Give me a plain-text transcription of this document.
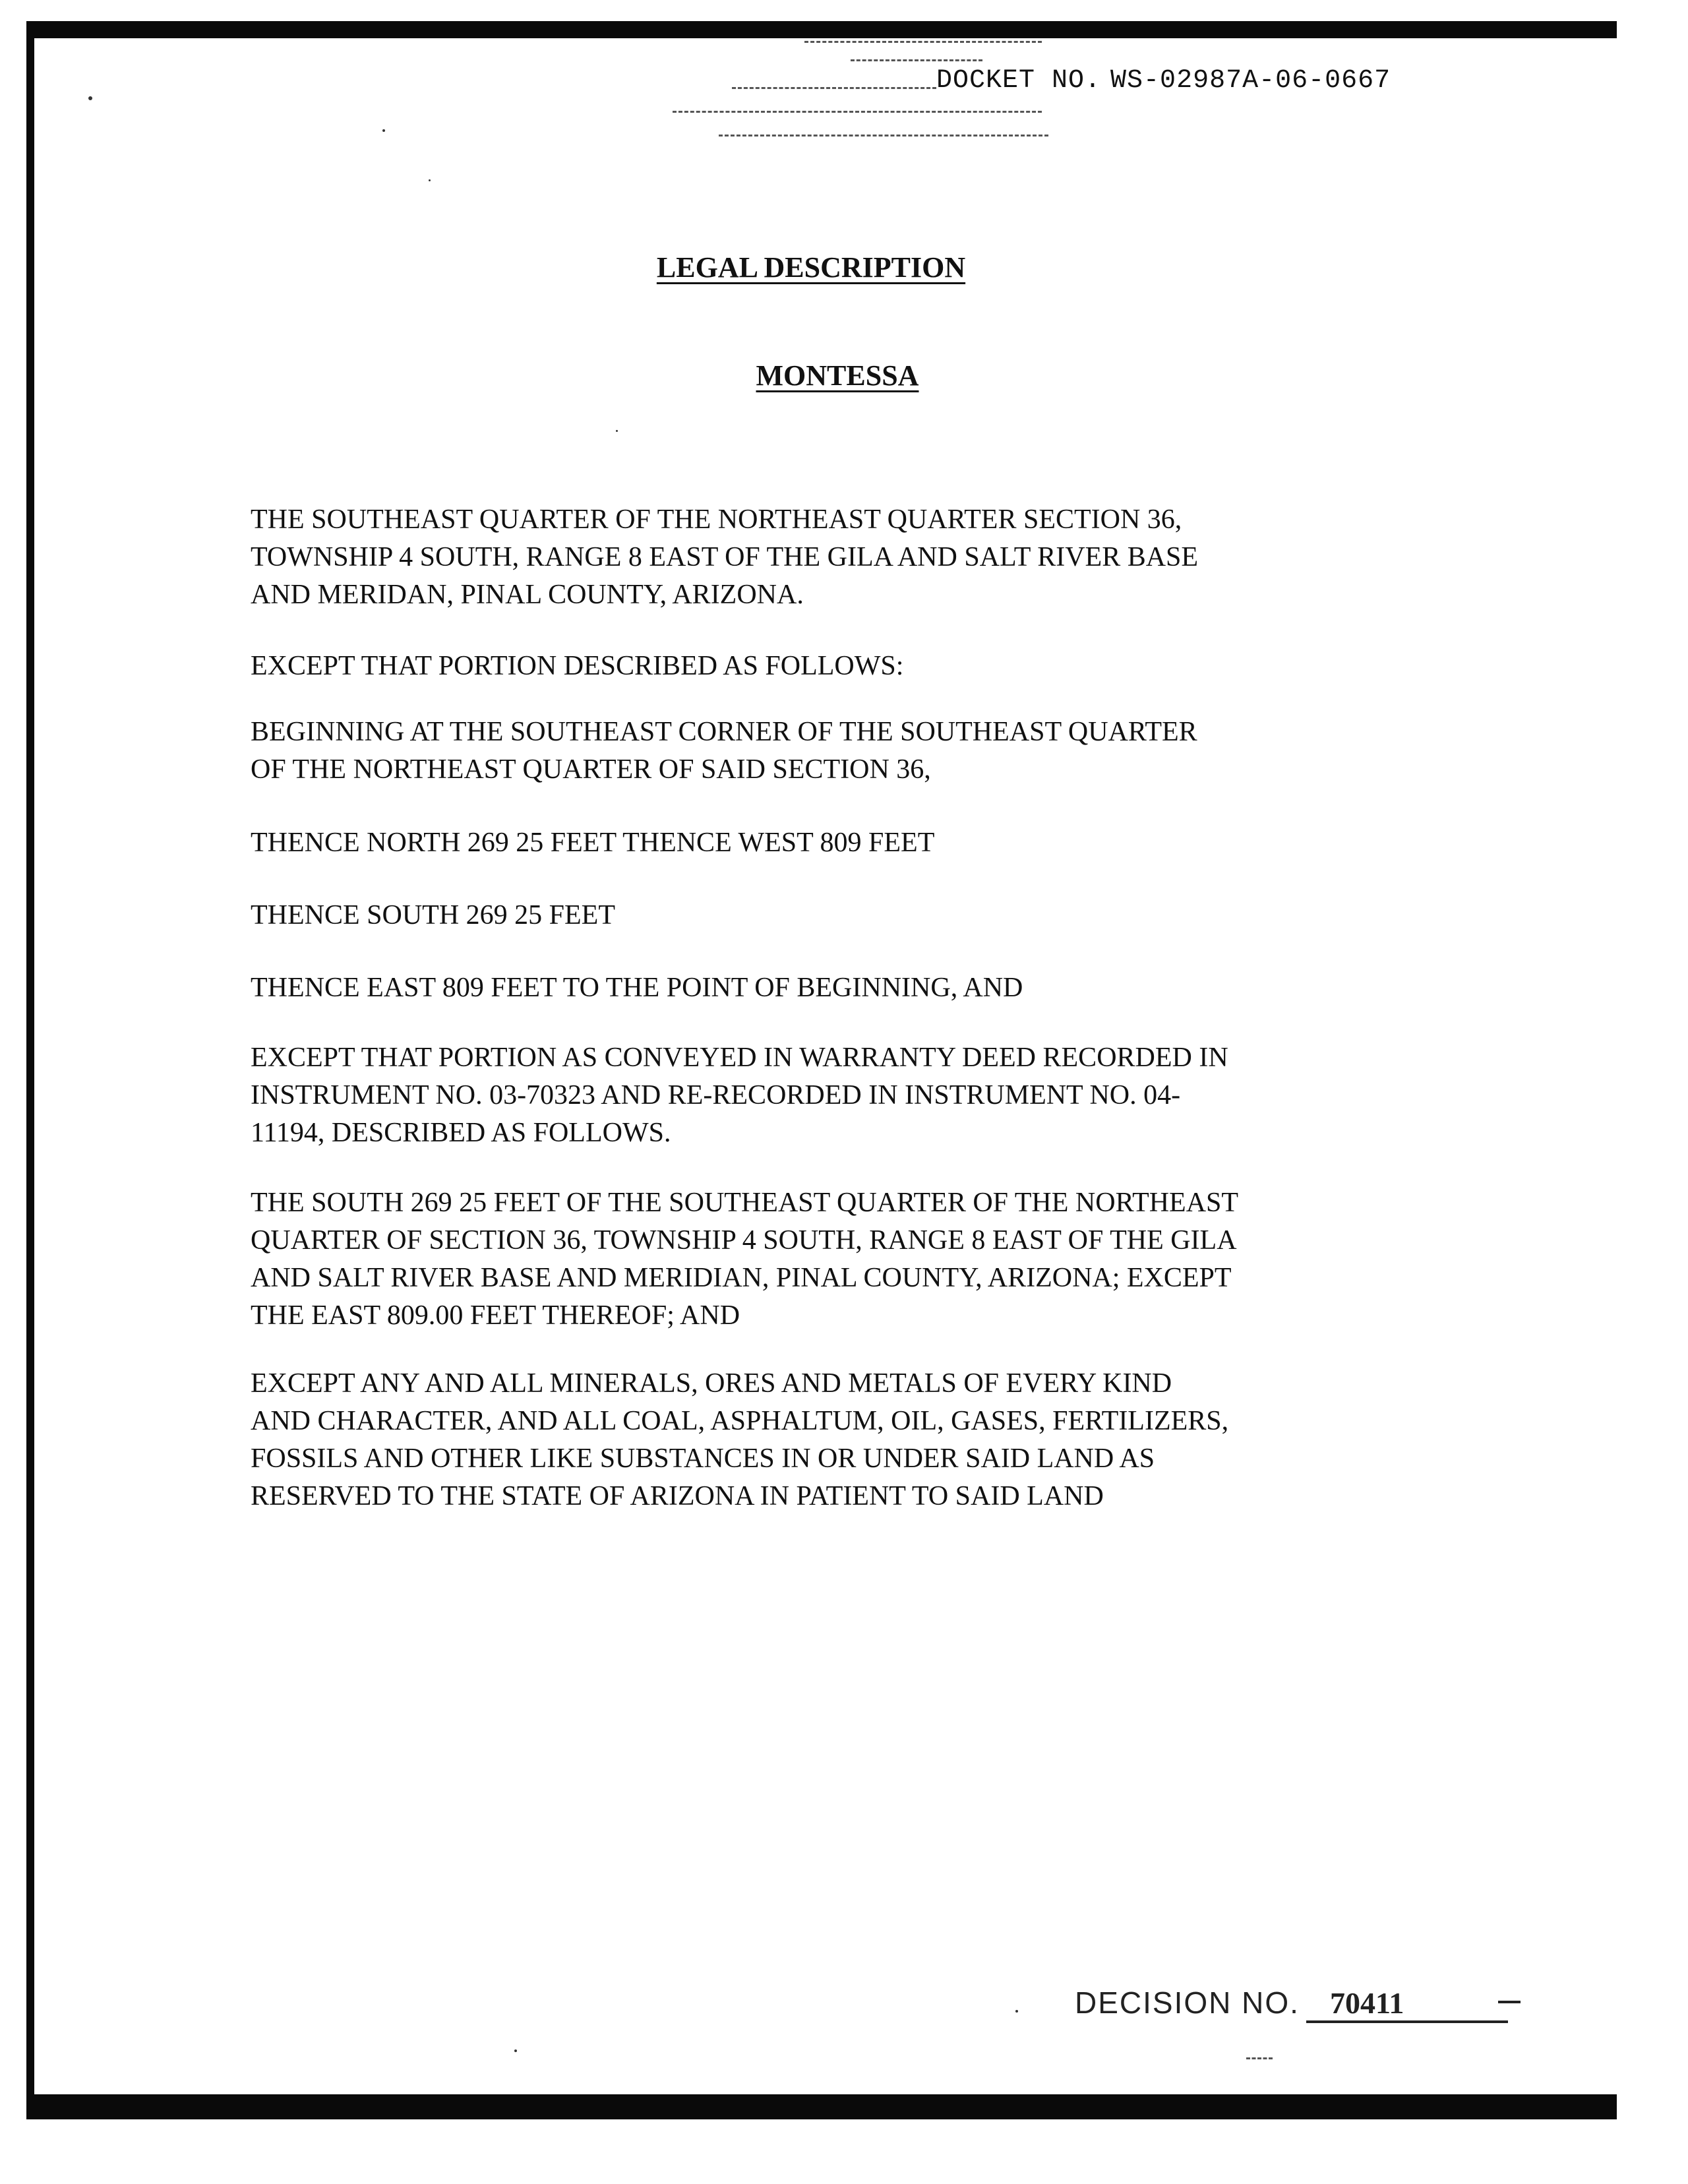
DOCKET NO. WS-02987A-06-0667
LEGAL DESCRIPTION
MONTESSA

THE SOUTHEAST QUARTER OF THE NORTHEAST QUARTER SECTION 36,
TOWNSHIP 4 SOUTH, RANGE 8 EAST OF THE GILA AND SALT RIVER BASE
AND MERIDAN, PINAL COUNTY, ARIZONA.

EXCEPT THAT PORTION DESCRIBED AS FOLLOWS:

BEGINNING AT THE SOUTHEAST CORNER OF THE SOUTHEAST QUARTER
OF THE NORTHEAST QUARTER OF SAID SECTION 36,

THENCE NORTH 269 25 FEET THENCE WEST 809 FEET

THENCE SOUTH 269 25 FEET

THENCE EAST 809 FEET TO THE POINT OF BEGINNING, AND

EXCEPT THAT PORTION AS CONVEYED IN WARRANTY DEED RECORDED IN
INSTRUMENT NO. 03-70323 AND RE-RECORDED IN INSTRUMENT NO. 04-
11194, DESCRIBED AS FOLLOWS.

THE SOUTH 269 25 FEET OF THE SOUTHEAST QUARTER OF THE NORTHEAST
QUARTER OF SECTION 36, TOWNSHIP 4 SOUTH, RANGE 8 EAST OF THE GILA
AND SALT RIVER BASE AND MERIDIAN, PINAL COUNTY, ARIZONA; EXCEPT
THE EAST 809.00 FEET THEREOF; AND

EXCEPT ANY AND ALL MINERALS, ORES AND METALS OF EVERY KIND
AND CHARACTER, AND ALL COAL, ASPHALTUM, OIL, GASES, FERTILIZERS,
FOSSILS AND OTHER LIKE SUBSTANCES IN OR UNDER SAID LAND AS
RESERVED TO THE STATE OF ARIZONA IN PATIENT TO SAID LAND

DECISION NO. 70411
